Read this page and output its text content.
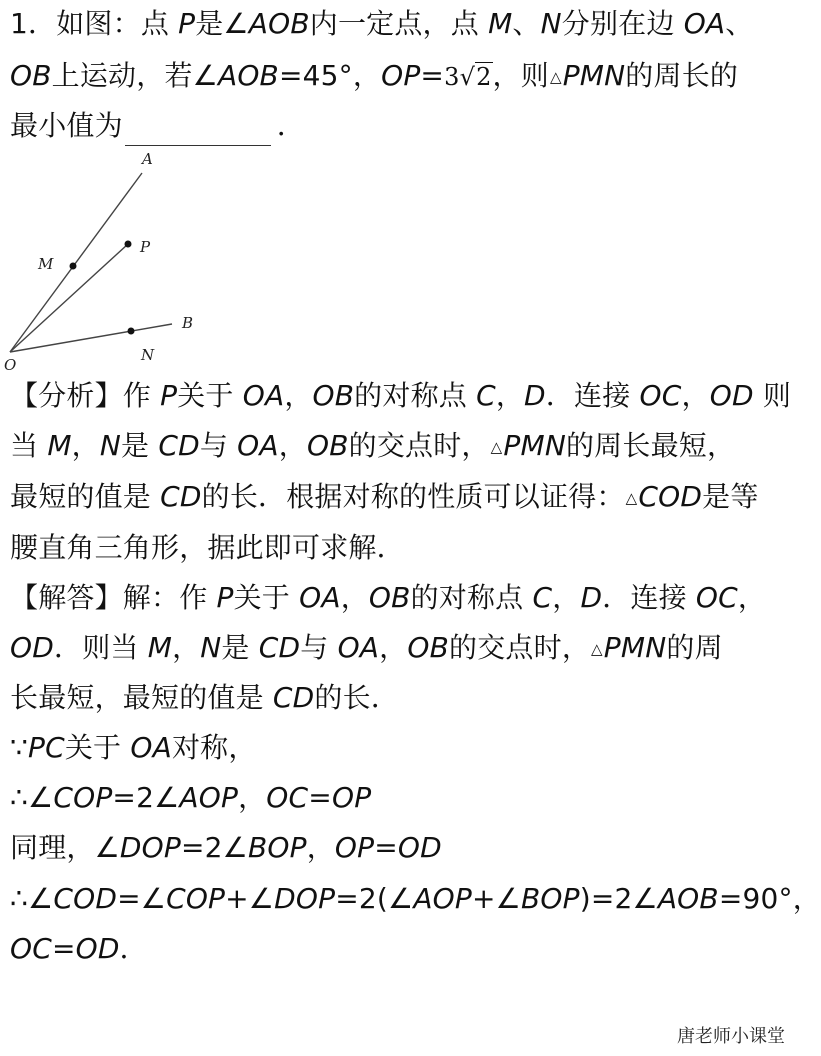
1．如图：点 P是∠AOB内一定点，点 M、N分别在边 OA、
OB上运动，若∠AOB=45°，OP=3√2，则△PMN的周长的
最小值为	．
A
P
M
B
O
N
【分析】作 P关于 OA，OB的对称点 C，D．连接 OC，OD 则
当 M，N是 CD与 OA，OB的交点时，△PMN的周长最短，
最短的值是 CD的长．根据对称的性质可以证得：△COD是等
腰直角三角形，据此即可求解．
【解答】解：作 P关于 OA，OB的对称点 C，D．连接 OC，
OD．则当 M，N是 CD与 OA，OB的交点时，△PMN的周
长最短，最短的值是 CD的长．
∵PC关于 OA对称，
∴∠COP=2∠AOP，OC=OP
同理，∠DOP=2∠BOP，OP=OD
∴∠COD=∠COP+∠DOP=2(∠AOP+∠BOP)=2∠AOB=90°，
OC=OD．
唐老师小课堂
